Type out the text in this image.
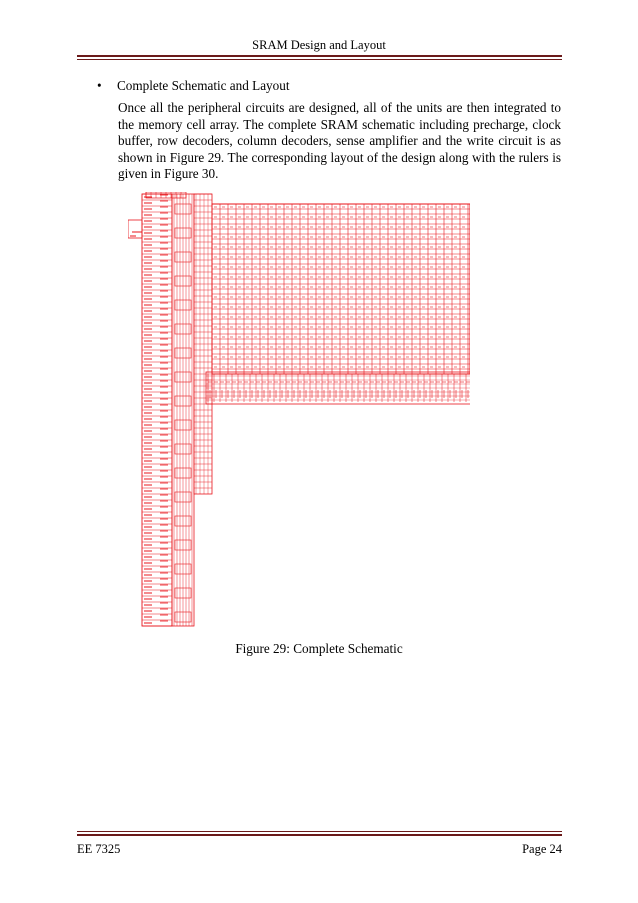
SRAM Design and Layout
• Complete Schematic and Layout
Once all the peripheral circuits are designed, all of the units are then integrated to the memory cell array. The complete SRAM schematic including precharge, clock buffer, row decoders, column decoders, sense amplifier and the write circuit is as shown in Figure 29. The corresponding layout of the design along with the rulers is given in Figure 30.
Figure 29: Complete Schematic
EE 7325	Page 24
